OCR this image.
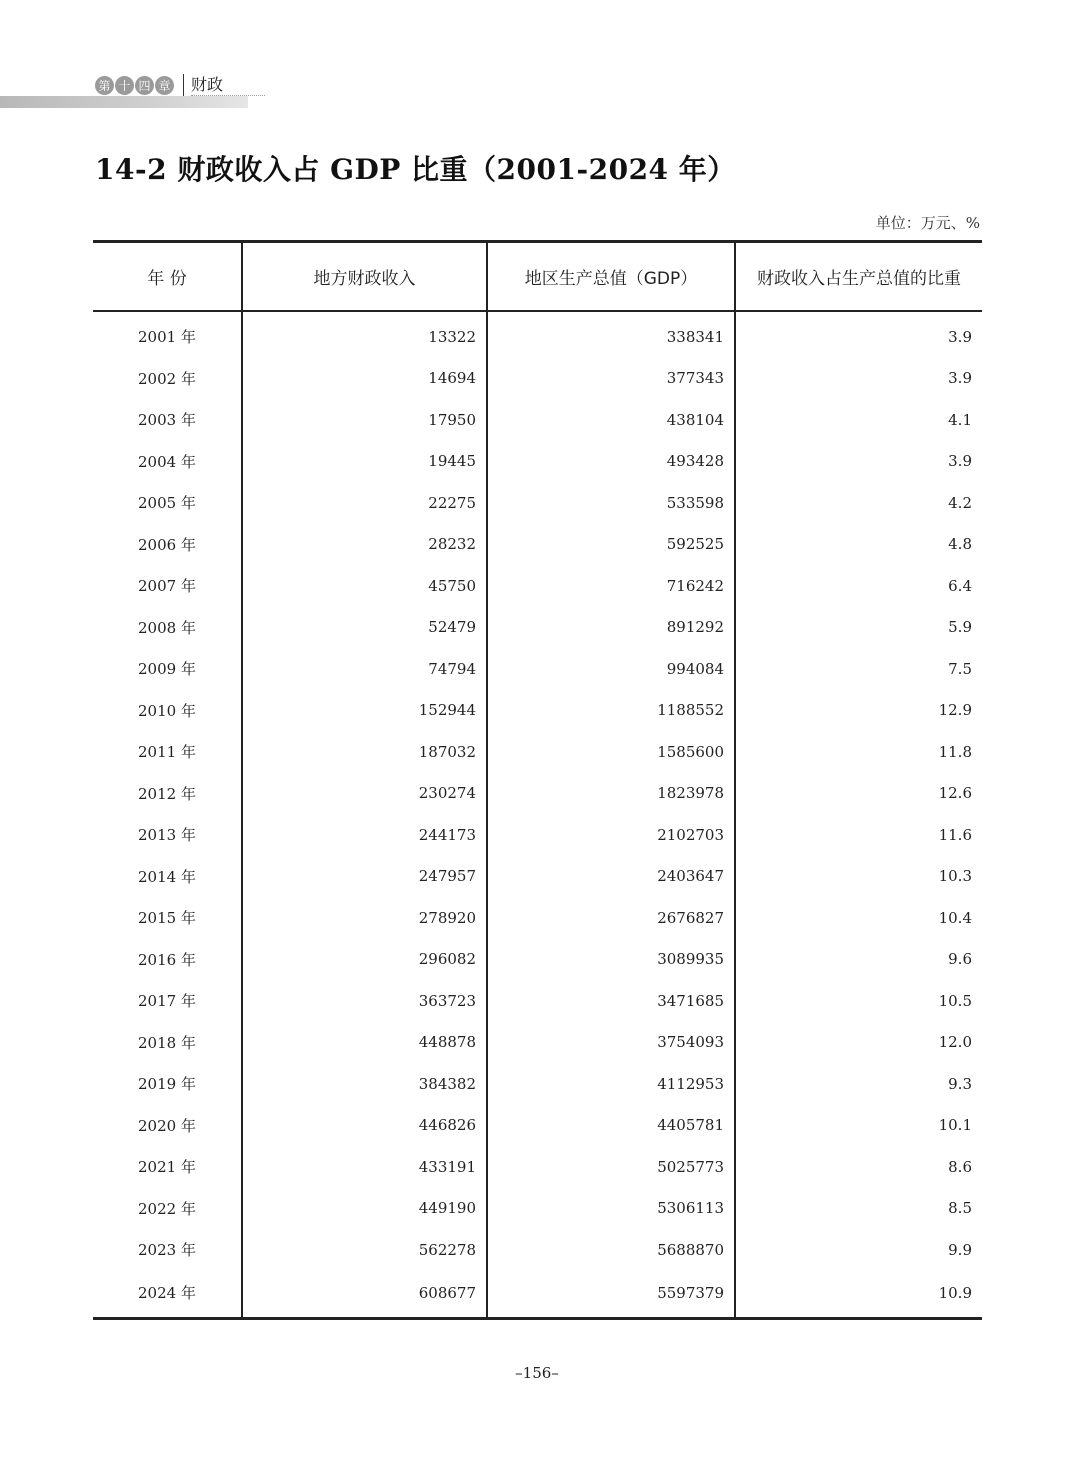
第 十 四 章 财政
14-2 财政收入占 GDP 比重（2001-2024 年）
单位：万元、%
年 份	地方财政收入	地区生产总值（GDP）	财政收入占生产总值的比重
2001 年	13322	338341	3.9
2002 年	14694	377343	3.9
2003 年	17950	438104	4.1
2004 年	19445	493428	3.9
2005 年	22275	533598	4.2
2006 年	28232	592525	4.8
2007 年	45750	716242	6.4
2008 年	52479	891292	5.9
2009 年	74794	994084	7.5
2010 年	152944	1188552	12.9
2011 年	187032	1585600	11.8
2012 年	230274	1823978	12.6
2013 年	244173	2102703	11.6
2014 年	247957	2403647	10.3
2015 年	278920	2676827	10.4
2016 年	296082	3089935	9.6
2017 年	363723	3471685	10.5
2018 年	448878	3754093	12.0
2019 年	384382	4112953	9.3
2020 年	446826	4405781	10.1
2021 年	433191	5025773	8.6
2022 年	449190	5306113	8.5
2023 年	562278	5688870	9.9
2024 年	608677	5597379	10.9
–156–
